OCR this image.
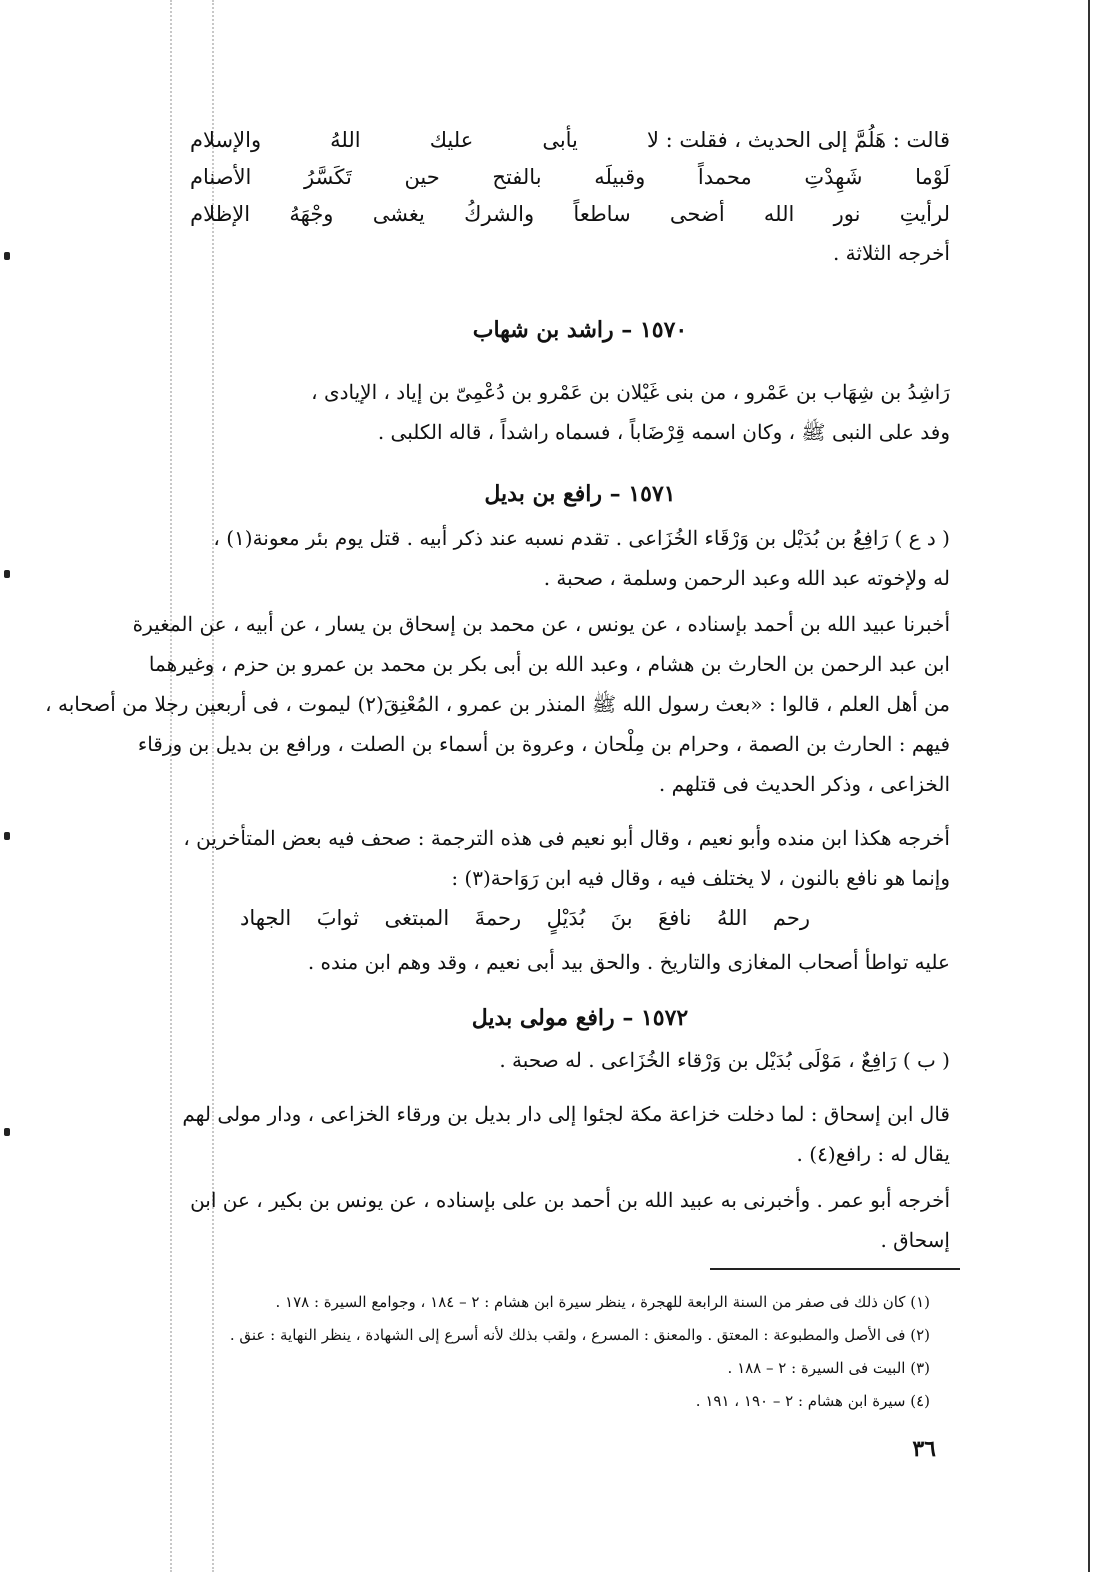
قالت : هَلُمَّ إلى الحديث ، فقلت : لا
يأبى
عليك
اللهُ
والإسلام
لَوْما
شَهِدْتِ
محمداً
وقبيلَه
بالفتح
حين
تَكَسَّرُ
الأصنام
لرأيتِ
نور
الله
أضحى
ساطعاً
والشركُ
يغشى
وجْهَهُ
الإظلام
أخرجه الثلاثة .
١٥٧٠ – راشد بن شهاب
رَاشِدُ بن شِهَاب بن عَمْرو ، من بنى غَيْلان بن عَمْرو بن دُعْمِىّ بن إياد ، الإيادى ،
وفد على النبى ﷺ ، وكان اسمه قِرْضَاباً ، فسماه راشداً ، قاله الكلبى .
١٥٧١ – رافع بن بديل
( د ع ) رَافِعُ بن بُدَيْل بن وَرْقَاء الخُزَاعى . تقدم نسبه عند ذكر أبيه . قتل يوم بئر معونة(١) ،
له ولإخوته عبد الله وعبد الرحمن وسلمة ، صحبة .
أخبرنا عبيد الله بن أحمد بإسناده ، عن يونس ، عن محمد بن إسحاق بن يسار ، عن أبيه ، عن المغيرة
ابن عبد الرحمن بن الحارث بن هشام ، وعبد الله بن أبى بكر بن محمد بن عمرو بن حزم ، وغيرهما
من أهل العلم ، قالوا : «بعث رسول الله ﷺ المنذر بن عمرو ، المُعْنِقَ(٢) ليموت ، فى أربعين رجلا من أصحابه ،
فيهم : الحارث بن الصمة ، وحرام بن مِلْحان ، وعروة بن أسماء بن الصلت ، ورافع بن بديل بن ورقاء
الخزاعى ، وذكر الحديث فى قتلهم .
أخرجه هكذا ابن منده وأبو نعيم ، وقال أبو نعيم فى هذه الترجمة : صحف فيه بعض المتأخرين ،
وإنما هو نافع بالنون ، لا يختلف فيه ، وقال فيه ابن رَوَاحة(٣) :
رحم
اللهُ
نافعَ
بنَ
بُدَيْلٍ
رحمةَ
المبتغى
ثوابَ
الجهاد
عليه تواطأ أصحاب المغازى والتاريخ . والحق بيد أبى نعيم ، وقد وهم ابن منده .
١٥٧٢ – رافع مولى بديل
( ب ) رَافِعٌ ، مَوْلَى بُدَيْل بن وَرْقاء الخُزَاعى . له صحبة .
قال ابن إسحاق : لما دخلت خزاعة مكة لجئوا إلى دار بديل بن ورقاء الخزاعى ، ودار مولى لهم
يقال له : رافع(٤) .
أخرجه أبو عمر . وأخبرنى به عبيد الله بن أحمد بن على بإسناده ، عن يونس بن بكير ، عن ابن
إسحاق .
(١) كان ذلك فى صفر من السنة الرابعة للهجرة ، ينظر سيرة ابن هشام : ٢ – ١٨٤ ، وجوامع السيرة : ١٧٨ .
(٢) فى الأصل والمطبوعة : المعتق . والمعنق : المسرع ، ولقب بذلك لأنه أسرع إلى الشهادة ، ينظر النهاية : عنق .
(٣) البيت فى السيرة : ٢ – ١٨٨ .
(٤) سيرة ابن هشام : ٢ – ١٩٠ ، ١٩١ .
٣٦
